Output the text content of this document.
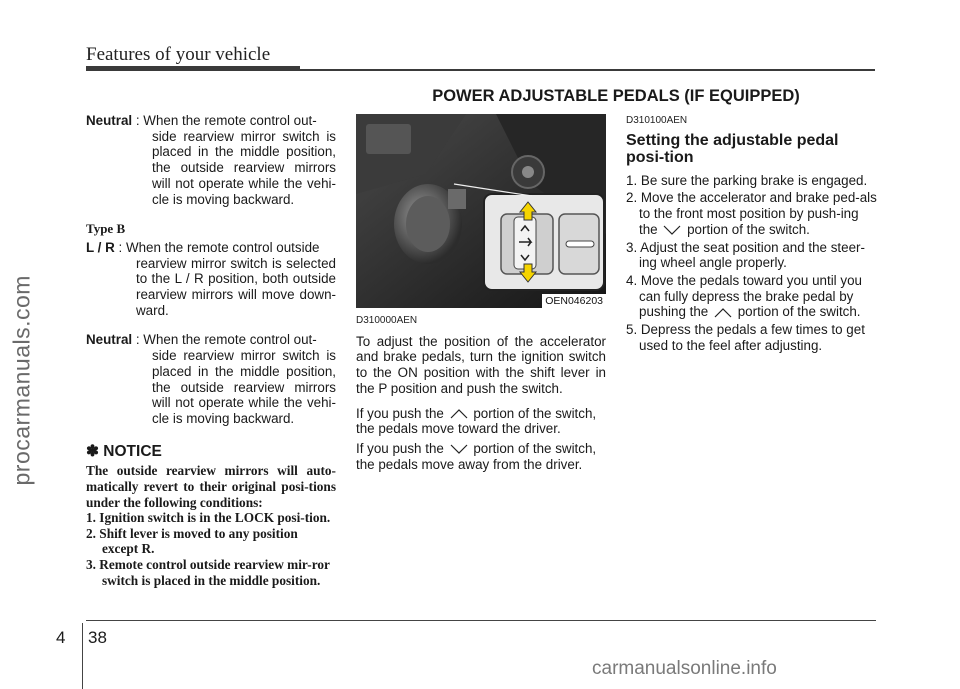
Features of your vehicle
procarmanuals.com
POWER ADJUSTABLE PEDALS (IF EQUIPPED)
Neutral : When the remote control out-
side rearview mirror switch is placed in the middle position, the outside rearview mirrors will not operate while the vehi-cle is moving backward.
Type B
L / R : When the remote control outside
rearview mirror switch is selected to the L / R position, both outside rearview mirrors will move down-ward.
Neutral : When the remote control out-
side rearview mirror switch is placed in the middle position, the outside rearview mirrors will not operate while the vehi-cle is moving backward.
✽ NOTICE
The outside rearview mirrors will auto-matically revert to their original posi-tions under the following conditions:

1. Ignition switch is in the LOCK posi-tion.

2. Shift lever is moved to any position except R.

3. Remote control outside rearview mir-ror switch is placed in the middle position.

OEN046203
D310000AEN
To adjust the position of the accelerator and brake pedals, turn the ignition switch to the ON position with the shift lever in the P position and push the switch.
If you push the portion of the switch, the pedals move toward the driver.
If you push the portion of the switch, the pedals move away from the driver.
D310100AEN
Setting the adjustable pedal posi-tion
1. Be sure the parking brake is engaged.
2. Move the accelerator and brake ped-als to the front most position by push-ing the portion of the switch.
3. Adjust the seat position and the steer-ing wheel angle properly.
4. Move the pedals toward you until you can fully depress the brake pedal by pushing the portion of the switch.
5. Depress the pedals a few times to get used to the feel after adjusting.
4 38
carmanualsonline.info
